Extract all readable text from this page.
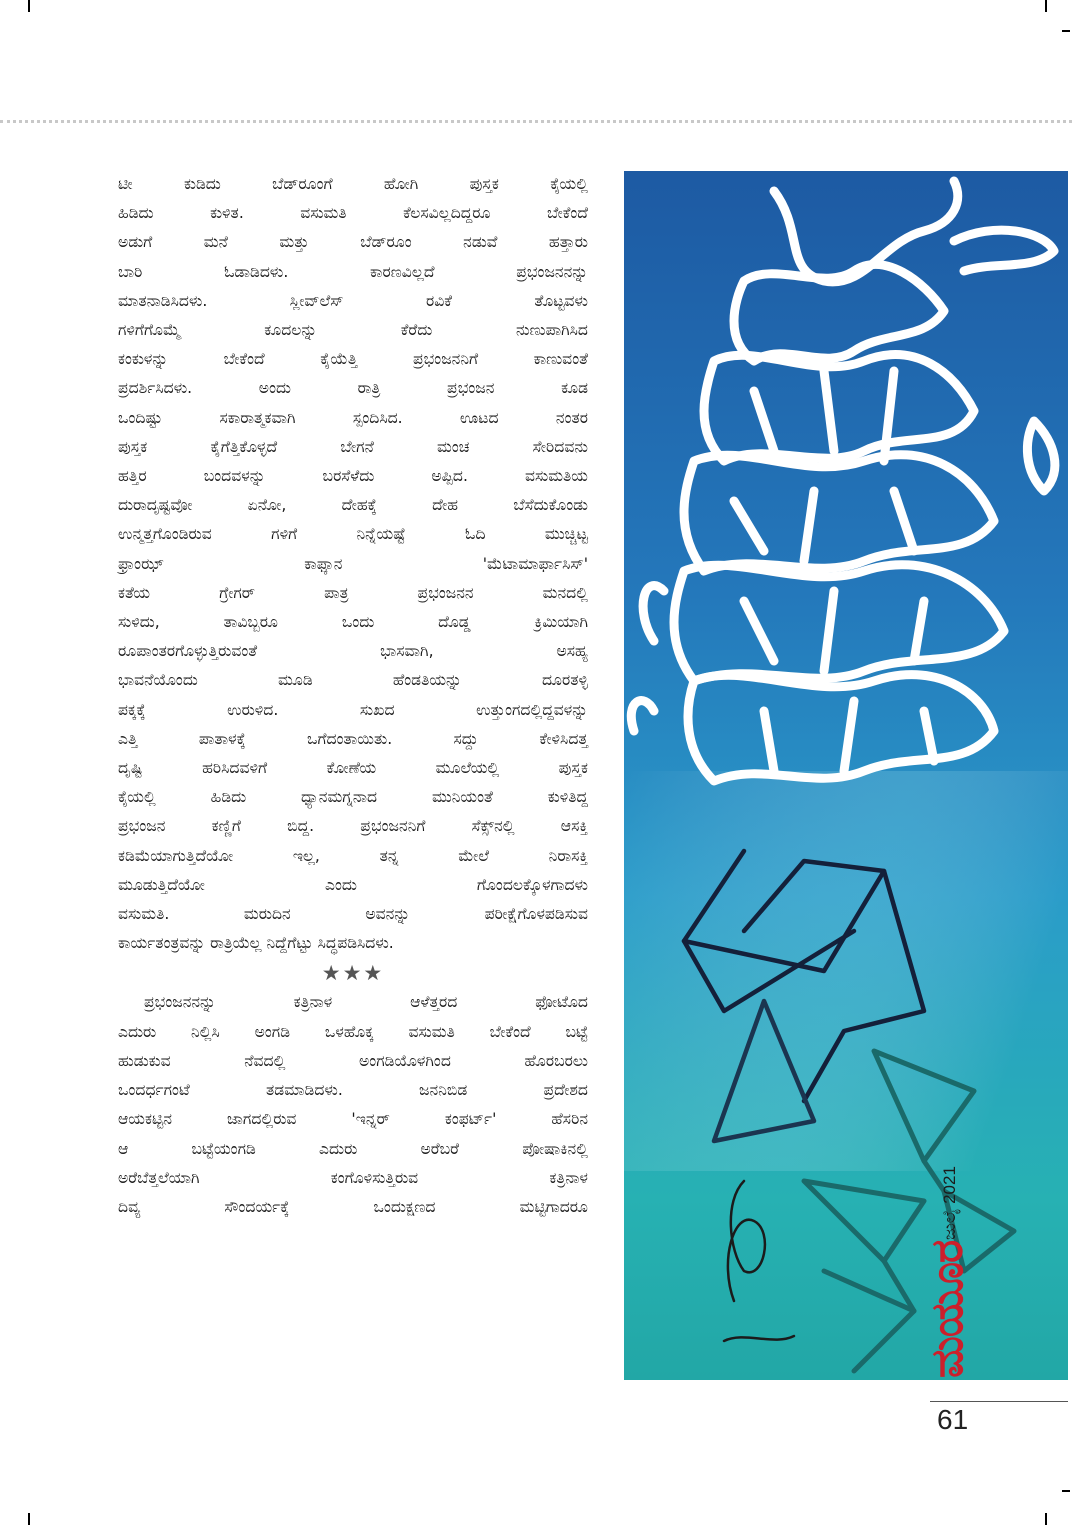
ಟೀ ಕುಡಿದು ಬೆಡ್‌ರೂಂಗೆ ಹೋಗಿ ಪುಸ್ತಕ ಕೈಯಲ್ಲಿ

ಹಿಡಿದು ಕುಳಿತ. ವಸುಮತಿ ಕೆಲಸವಿಲ್ಲದಿದ್ದರೂ ಬೇಕೆಂದೆ

ಅಡುಗೆ ಮನೆ ಮತ್ತು ಬೆಡ್‌ರೂಂ ನಡುವೆ ಹತ್ತಾರು

ಬಾರಿ ಓಡಾಡಿದಳು. ಕಾರಣವಿಲ್ಲದೆ ಪ್ರಭಂಜನನನ್ನು

ಮಾತನಾಡಿಸಿದಳು. ಸ್ಲೀವ್‌ಲೆಸ್ ರವಿಕೆ ತೊಟ್ಟವಳು

ಗಳಿಗೆಗೊಮ್ಮೆ ಕೂದಲನ್ನು ಕೆರೆದು ನುಣುಪಾಗಿಸಿದ

ಕಂಕುಳನ್ನು ಬೇಕೆಂದೆ ಕೈಯೆತ್ತಿ ಪ್ರಭಂಜನನಿಗೆ ಕಾಣುವಂತೆ

ಪ್ರದರ್ಶಿಸಿದಳು. ಅಂದು ರಾತ್ರಿ ಪ್ರಭಂಜನ ಕೂಡ

ಒಂದಿಷ್ಟು ಸಕಾರಾತ್ಮಕವಾಗಿ ಸ್ಪಂದಿಸಿದ. ಊಟದ ನಂತರ

ಪುಸ್ತಕ ಕೈಗೆತ್ತಿಕೊಳ್ಳದೆ ಬೇಗನೆ ಮಂಚ ಸೇರಿದವನು

ಹತ್ತಿರ ಬಂದವಳನ್ನು ಬರಸೆಳೆದು ಅಪ್ಪಿದ. ವಸುಮತಿಯ

ದುರಾದೃಷ್ಟವೋ ಏನೋ, ದೇಹಕ್ಕೆ ದೇಹ ಬೆಸೆದುಕೊಂಡು

ಉನ್ಮತ್ತಗೊಂಡಿರುವ ಗಳಿಗೆ ನಿನ್ನೆಯಷ್ಟೆ ಓದಿ ಮುಚ್ಚಿಟ್ಟ

ಫ್ರಾಂಝ್ ಕಾಫ್ಕಾನ 'ಮೆಟಾಮಾರ್ಫಾಸಿಸ್'

ಕತೆಯ ಗ್ರೇಗರ್ ಪಾತ್ರ ಪ್ರಭಂಜನನ ಮನದಲ್ಲಿ

ಸುಳಿದು, ತಾವಿಬ್ಬರೂ ಒಂದು ದೊಡ್ಡ ಕ್ರಿಮಿಯಾಗಿ

ರೂಪಾಂತರಗೊಳ್ಳುತ್ತಿರುವಂತೆ ಭಾಸವಾಗಿ, ಅಸಹ್ಯ

ಭಾವನೆಯೊಂದು ಮೂಡಿ ಹೆಂಡತಿಯನ್ನು ದೂರತಳ್ಳಿ

ಪಕ್ಕಕ್ಕೆ ಉರುಳಿದ. ಸುಖದ ಉತ್ತುಂಗದಲ್ಲಿದ್ದವಳನ್ನು

ಎತ್ತಿ ಪಾತಾಳಕ್ಕೆ ಒಗೆದಂತಾಯಿತು. ಸದ್ದು ಕೇಳಿಸಿದತ್ತ

ದೃಷ್ಟಿ ಹರಿಸಿದವಳಿಗೆ ಕೋಣೆಯ ಮೂಲೆಯಲ್ಲಿ ಪುಸ್ತಕ

ಕೈಯಲ್ಲಿ ಹಿಡಿದು ಧ್ಯಾನಮಗ್ನನಾದ ಮುನಿಯಂತೆ ಕುಳಿತಿದ್ದ

ಪ್ರಭಂಜನ ಕಣ್ಣಿಗೆ ಬಿದ್ದ. ಪ್ರಭಂಜನನಿಗೆ ಸೆಕ್ಸ್‌ನಲ್ಲಿ ಆಸಕ್ತಿ

ಕಡಿಮೆಯಾಗುತ್ತಿದೆಯೋ ಇಲ್ಲ, ತನ್ನ ಮೇಲೆ ನಿರಾಸಕ್ತಿ

ಮೂಡುತ್ತಿದೆಯೋ ಎಂದು ಗೊಂದಲಕ್ಕೊಳಗಾದಳು

ವಸುಮತಿ. ಮರುದಿನ ಅವನನ್ನು ಪರೀಕ್ಷೆಗೊಳಪಡಿಸುವ

ಕಾರ್ಯತಂತ್ರವನ್ನು ರಾತ್ರಿಯೆಲ್ಲ ನಿದ್ದೆಗೆಟ್ಟು ಸಿದ್ಧಪಡಿಸಿದಳು.

★★★

ಪ್ರಭಂಜನನನ್ನು ಕತ್ರಿನಾಳ ಆಳೆತ್ತರದ ಫೋಟೊದ

ಎದುರು ನಿಲ್ಲಿಸಿ ಅಂಗಡಿ ಒಳಹೊಕ್ಕ ವಸುಮತಿ ಬೇಕೆಂದೆ ಬಟ್ಟೆ

ಹುಡುಕುವ ನೆವದಲ್ಲಿ ಅಂಗಡಿಯೊಳಗಿಂದ ಹೊರಬರಲು

ಒಂದರ್ಧಗಂಟೆ ತಡಮಾಡಿದಳು. ಜನನಿಬಿಡ ಪ್ರದೇಶದ

ಆಯಕಟ್ಟಿನ ಜಾಗದಲ್ಲಿರುವ 'ಇನ್ನರ್ ಕಂಫರ್ಟ್' ಹೆಸರಿನ

ಆ ಬಟ್ಟೆಯಂಗಡಿ ಎದುರು ಅರೆಬರೆ ಪೋಷಾಕಿನಲ್ಲಿ

ಅರೆಬೆತ್ತಲೆಯಾಗಿ ಕಂಗೊಳಿಸುತ್ತಿರುವ ಕತ್ರಿನಾಳ

ದಿವ್ಯ ಸೌಂದರ್ಯಕ್ಕೆ ಒಂದುಕ್ಷಣದ ಮಟ್ಟಿಗಾದರೂ	ಜುಲೈ 2021
ಮಯೂರ
61
